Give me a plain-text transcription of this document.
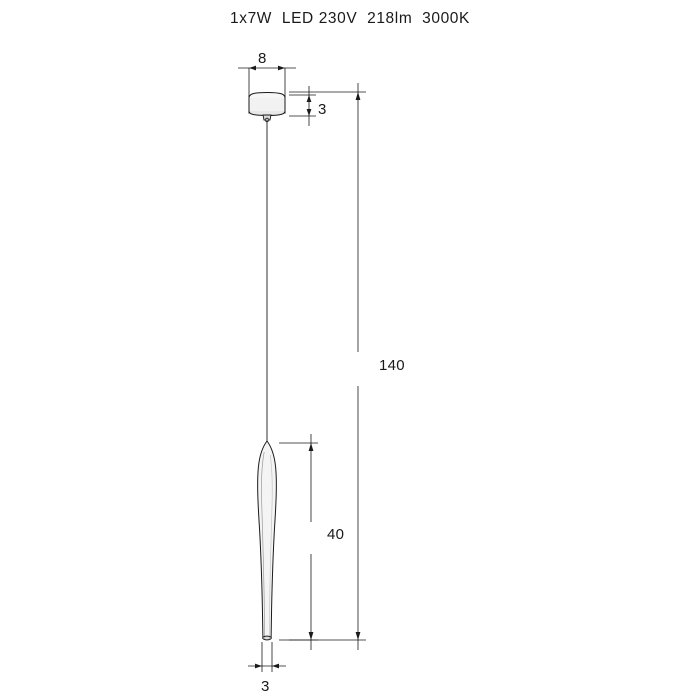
1x7W  LED 230V  218lm  3000K
8
3
140
40
3
